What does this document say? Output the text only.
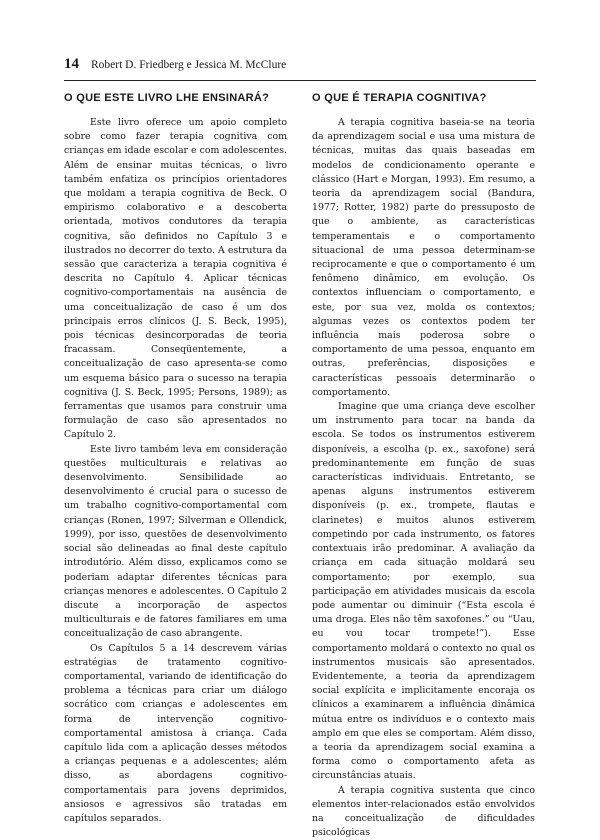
14 Robert D. Friedberg e Jessica M. McClure
O QUE ESTE LIVRO LHE ENSINARÁ?

Este livro oferece um apoio completo sobre como fazer terapia cognitiva com crianças em idade escolar e com adolescentes. Além de ensinar muitas técnicas, o livro também enfatiza os princípios orientadores que moldam a terapia cognitiva de Beck. O empirismo colaborativo e a descoberta orientada, motivos condutores da terapia cognitiva, são definidos no Capítulo 3 e ilustrados no decorrer do texto. A estrutura da sessão que caracteriza a terapia cognitiva é descrita no Capítulo 4. Aplicar técnicas cognitivo-comportamentais na ausência de uma conceitualização de caso é um dos principais erros clínicos (J. S. Beck, 1995), pois técnicas desincorporadas de teoria fracassam. Conseqüentemente, a conceitualização de caso apresenta-se como um esquema básico para o sucesso na terapia cognitiva (J. S. Beck, 1995; Persons, 1989); as ferramentas que usamos para construir uma formulação de caso são apresentados no Capítulo 2.

Este livro também leva em consideração questões multiculturais e relativas ao desenvolvimento. Sensibilidade ao desenvolvimento é crucial para o sucesso de um trabalho cognitivo-comportamental com crianças (Ronen, 1997; Silverman e Ollendick, 1999), por isso, questões de desenvolvimento social são delineadas ao final deste capítulo introdutório. Além disso, explicamos como se poderiam adaptar diferentes técnicas para crianças menores e adolescentes. O Capítulo 2 discute a incorporação de aspectos multiculturais e de fatores familiares em uma conceitualização de caso abrangente.

Os Capítulos 5 a 14 descrevem várias estratégias de tratamento cognitivo-comportamental, variando de identificação do problema a técnicas para criar um diálogo socrático com crianças e adolescentes em forma de intervenção cognitivo-comportamental amistosa à criança. Cada capítulo lida com a aplicação desses métodos a crianças pequenas e a adolescentes; além disso, as abordagens cognitivo-comportamentais para jovens deprimidos, ansiosos e agressivos são tratadas em capítulos separados.

O QUE É TERAPIA COGNITIVA?

A terapia cognitiva baseia-se na teoria da aprendizagem social e usa uma mistura de técnicas, muitas das quais baseadas em modelos de condicionamento operante e clássico (Hart e Morgan, 1993). Em resumo, a teoria da aprendizagem social (Bandura, 1977; Rotter, 1982) parte do pressuposto de que o ambiente, as características temperamentais e o comportamento situacional de uma pessoa determinam-se reciprocamente e que o comportamento é um fenômeno dinâmico, em evolução. Os contextos influenciam o comportamento, e este, por sua vez, molda os contextos; algumas vezes os contextos podem ter influência mais poderosa sobre o comportamento de uma pessoa, enquanto em outras, preferências, disposições e características pessoais determinarão o comportamento.

Imagine que uma criança deve escolher um instrumento para tocar na banda da escola. Se todos os instrumentos estiverem disponíveis, a escolha (p. ex., saxofone) será predominantemente em função de suas características individuais. Entretanto, se apenas alguns instrumentos estiverem disponíveis (p. ex., trompete, flautas e clarinetes) e muitos alunos estiverem competindo por cada instrumento, os fatores contextuais irão predominar. A avaliação da criança em cada situação moldará seu comportamento; por exemplo, sua participação em atividades musicais da escola pode aumentar ou diminuir (“Esta escola é uma droga. Eles não têm saxofones.” ou “Uau, eu vou tocar trompete!”). Esse comportamento moldará o contexto no qual os instrumentos musicais são apresentados. Evidentemente, a teoria da aprendizagem social explícita e implicitamente encoraja os clínicos a examinarem a influência dinâmica mútua entre os indivíduos e o contexto mais amplo em que eles se comportam. Além disso, a teoria da aprendizagem social examina a forma como o comportamento afeta as circunstâncias atuais.

A terapia cognitiva sustenta que cinco elementos inter-relacionados estão envolvidos na conceitualização de dificuldades psicológicas
